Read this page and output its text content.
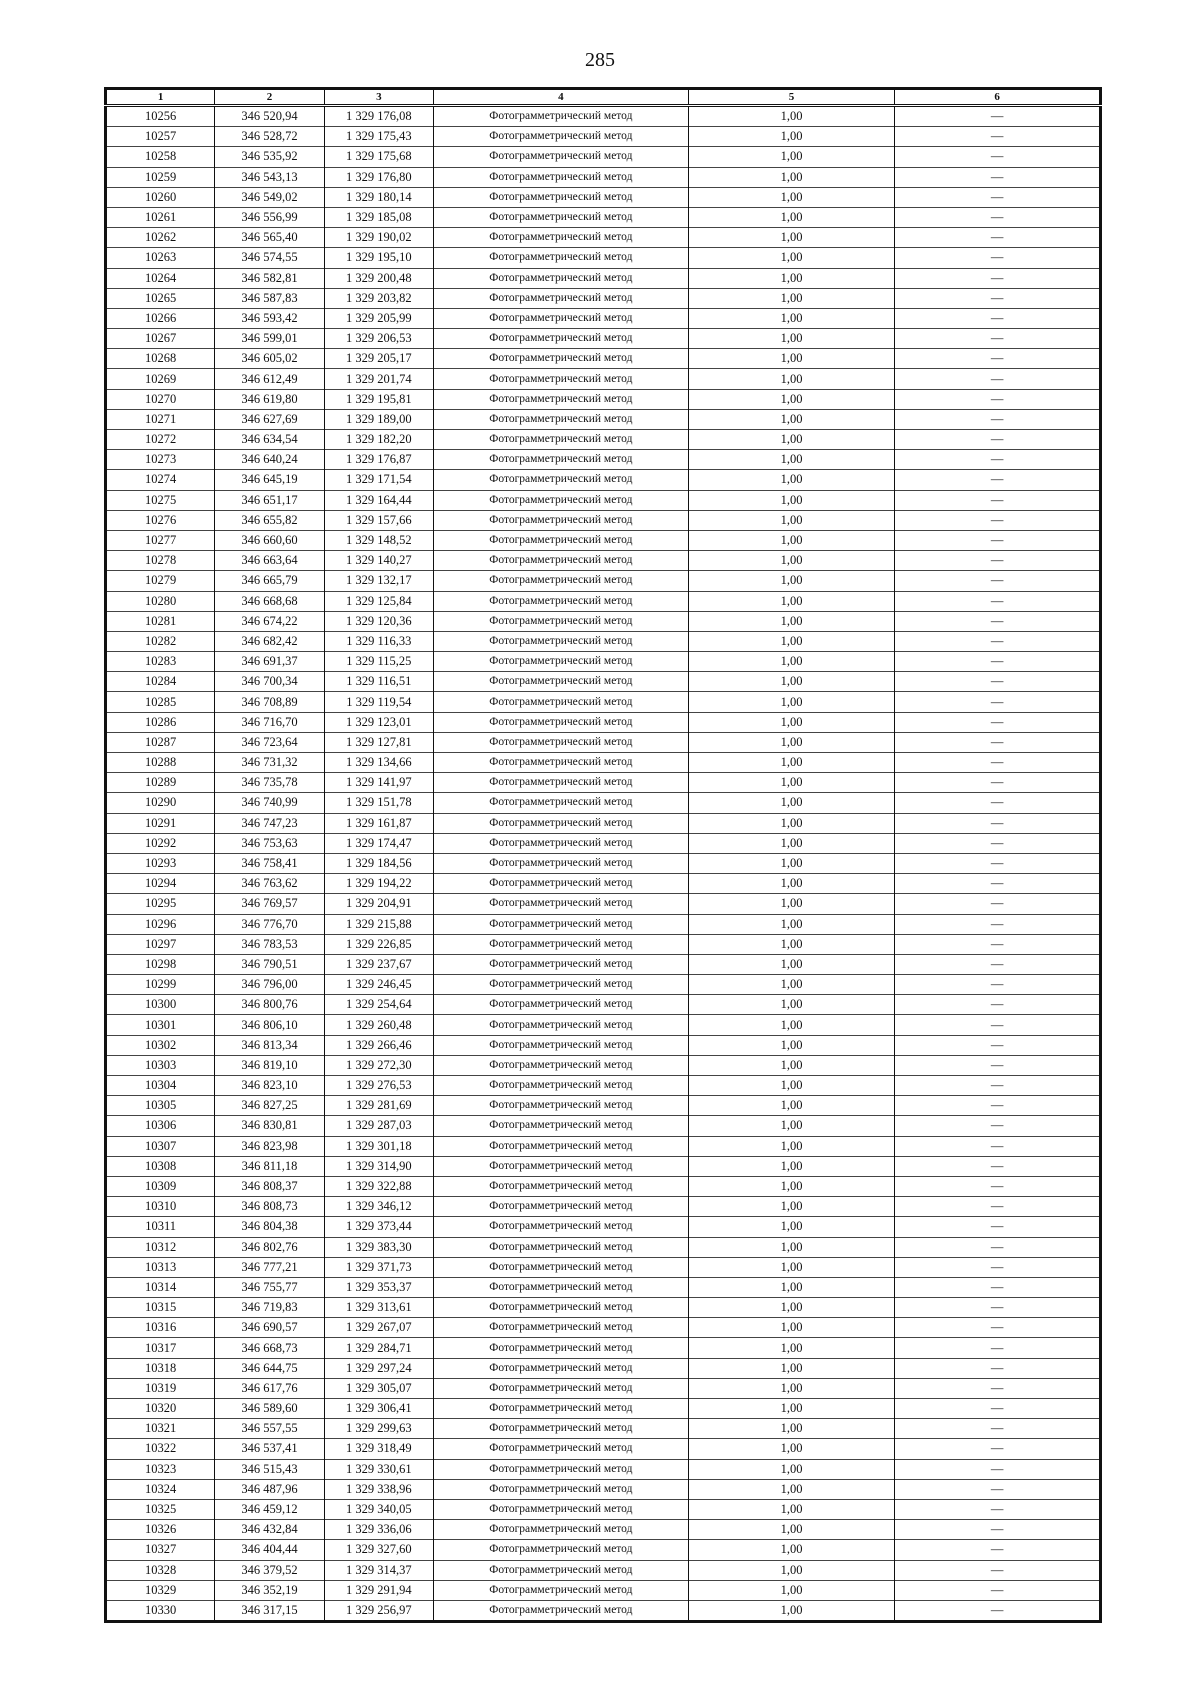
285
1	2	3	4	5	6
10256	346 520,94	1 329 176,08	Фотограмметрический метод	1,00	—
10257	346 528,72	1 329 175,43	Фотограмметрический метод	1,00	—
10258	346 535,92	1 329 175,68	Фотограмметрический метод	1,00	—
10259	346 543,13	1 329 176,80	Фотограмметрический метод	1,00	—
10260	346 549,02	1 329 180,14	Фотограмметрический метод	1,00	—
10261	346 556,99	1 329 185,08	Фотограмметрический метод	1,00	—
10262	346 565,40	1 329 190,02	Фотограмметрический метод	1,00	—
10263	346 574,55	1 329 195,10	Фотограмметрический метод	1,00	—
10264	346 582,81	1 329 200,48	Фотограмметрический метод	1,00	—
10265	346 587,83	1 329 203,82	Фотограмметрический метод	1,00	—
10266	346 593,42	1 329 205,99	Фотограмметрический метод	1,00	—
10267	346 599,01	1 329 206,53	Фотограмметрический метод	1,00	—
10268	346 605,02	1 329 205,17	Фотограмметрический метод	1,00	—
10269	346 612,49	1 329 201,74	Фотограмметрический метод	1,00	—
10270	346 619,80	1 329 195,81	Фотограмметрический метод	1,00	—
10271	346 627,69	1 329 189,00	Фотограмметрический метод	1,00	—
10272	346 634,54	1 329 182,20	Фотограмметрический метод	1,00	—
10273	346 640,24	1 329 176,87	Фотограмметрический метод	1,00	—
10274	346 645,19	1 329 171,54	Фотограмметрический метод	1,00	—
10275	346 651,17	1 329 164,44	Фотограмметрический метод	1,00	—
10276	346 655,82	1 329 157,66	Фотограмметрический метод	1,00	—
10277	346 660,60	1 329 148,52	Фотограмметрический метод	1,00	—
10278	346 663,64	1 329 140,27	Фотограмметрический метод	1,00	—
10279	346 665,79	1 329 132,17	Фотограмметрический метод	1,00	—
10280	346 668,68	1 329 125,84	Фотограмметрический метод	1,00	—
10281	346 674,22	1 329 120,36	Фотограмметрический метод	1,00	—
10282	346 682,42	1 329 116,33	Фотограмметрический метод	1,00	—
10283	346 691,37	1 329 115,25	Фотограмметрический метод	1,00	—
10284	346 700,34	1 329 116,51	Фотограмметрический метод	1,00	—
10285	346 708,89	1 329 119,54	Фотограмметрический метод	1,00	—
10286	346 716,70	1 329 123,01	Фотограмметрический метод	1,00	—
10287	346 723,64	1 329 127,81	Фотограмметрический метод	1,00	—
10288	346 731,32	1 329 134,66	Фотограмметрический метод	1,00	—
10289	346 735,78	1 329 141,97	Фотограмметрический метод	1,00	—
10290	346 740,99	1 329 151,78	Фотограмметрический метод	1,00	—
10291	346 747,23	1 329 161,87	Фотограмметрический метод	1,00	—
10292	346 753,63	1 329 174,47	Фотограмметрический метод	1,00	—
10293	346 758,41	1 329 184,56	Фотограмметрический метод	1,00	—
10294	346 763,62	1 329 194,22	Фотограмметрический метод	1,00	—
10295	346 769,57	1 329 204,91	Фотограмметрический метод	1,00	—
10296	346 776,70	1 329 215,88	Фотограмметрический метод	1,00	—
10297	346 783,53	1 329 226,85	Фотограмметрический метод	1,00	—
10298	346 790,51	1 329 237,67	Фотограмметрический метод	1,00	—
10299	346 796,00	1 329 246,45	Фотограмметрический метод	1,00	—
10300	346 800,76	1 329 254,64	Фотограмметрический метод	1,00	—
10301	346 806,10	1 329 260,48	Фотограмметрический метод	1,00	—
10302	346 813,34	1 329 266,46	Фотограмметрический метод	1,00	—
10303	346 819,10	1 329 272,30	Фотограмметрический метод	1,00	—
10304	346 823,10	1 329 276,53	Фотограмметрический метод	1,00	—
10305	346 827,25	1 329 281,69	Фотограмметрический метод	1,00	—
10306	346 830,81	1 329 287,03	Фотограмметрический метод	1,00	—
10307	346 823,98	1 329 301,18	Фотограмметрический метод	1,00	—
10308	346 811,18	1 329 314,90	Фотограмметрический метод	1,00	—
10309	346 808,37	1 329 322,88	Фотограмметрический метод	1,00	—
10310	346 808,73	1 329 346,12	Фотограмметрический метод	1,00	—
10311	346 804,38	1 329 373,44	Фотограмметрический метод	1,00	—
10312	346 802,76	1 329 383,30	Фотограмметрический метод	1,00	—
10313	346 777,21	1 329 371,73	Фотограмметрический метод	1,00	—
10314	346 755,77	1 329 353,37	Фотограмметрический метод	1,00	—
10315	346 719,83	1 329 313,61	Фотограмметрический метод	1,00	—
10316	346 690,57	1 329 267,07	Фотограмметрический метод	1,00	—
10317	346 668,73	1 329 284,71	Фотограмметрический метод	1,00	—
10318	346 644,75	1 329 297,24	Фотограмметрический метод	1,00	—
10319	346 617,76	1 329 305,07	Фотограмметрический метод	1,00	—
10320	346 589,60	1 329 306,41	Фотограмметрический метод	1,00	—
10321	346 557,55	1 329 299,63	Фотограмметрический метод	1,00	—
10322	346 537,41	1 329 318,49	Фотограмметрический метод	1,00	—
10323	346 515,43	1 329 330,61	Фотограмметрический метод	1,00	—
10324	346 487,96	1 329 338,96	Фотограмметрический метод	1,00	—
10325	346 459,12	1 329 340,05	Фотограмметрический метод	1,00	—
10326	346 432,84	1 329 336,06	Фотограмметрический метод	1,00	—
10327	346 404,44	1 329 327,60	Фотограмметрический метод	1,00	—
10328	346 379,52	1 329 314,37	Фотограмметрический метод	1,00	—
10329	346 352,19	1 329 291,94	Фотограмметрический метод	1,00	—
10330	346 317,15	1 329 256,97	Фотограмметрический метод	1,00	—
